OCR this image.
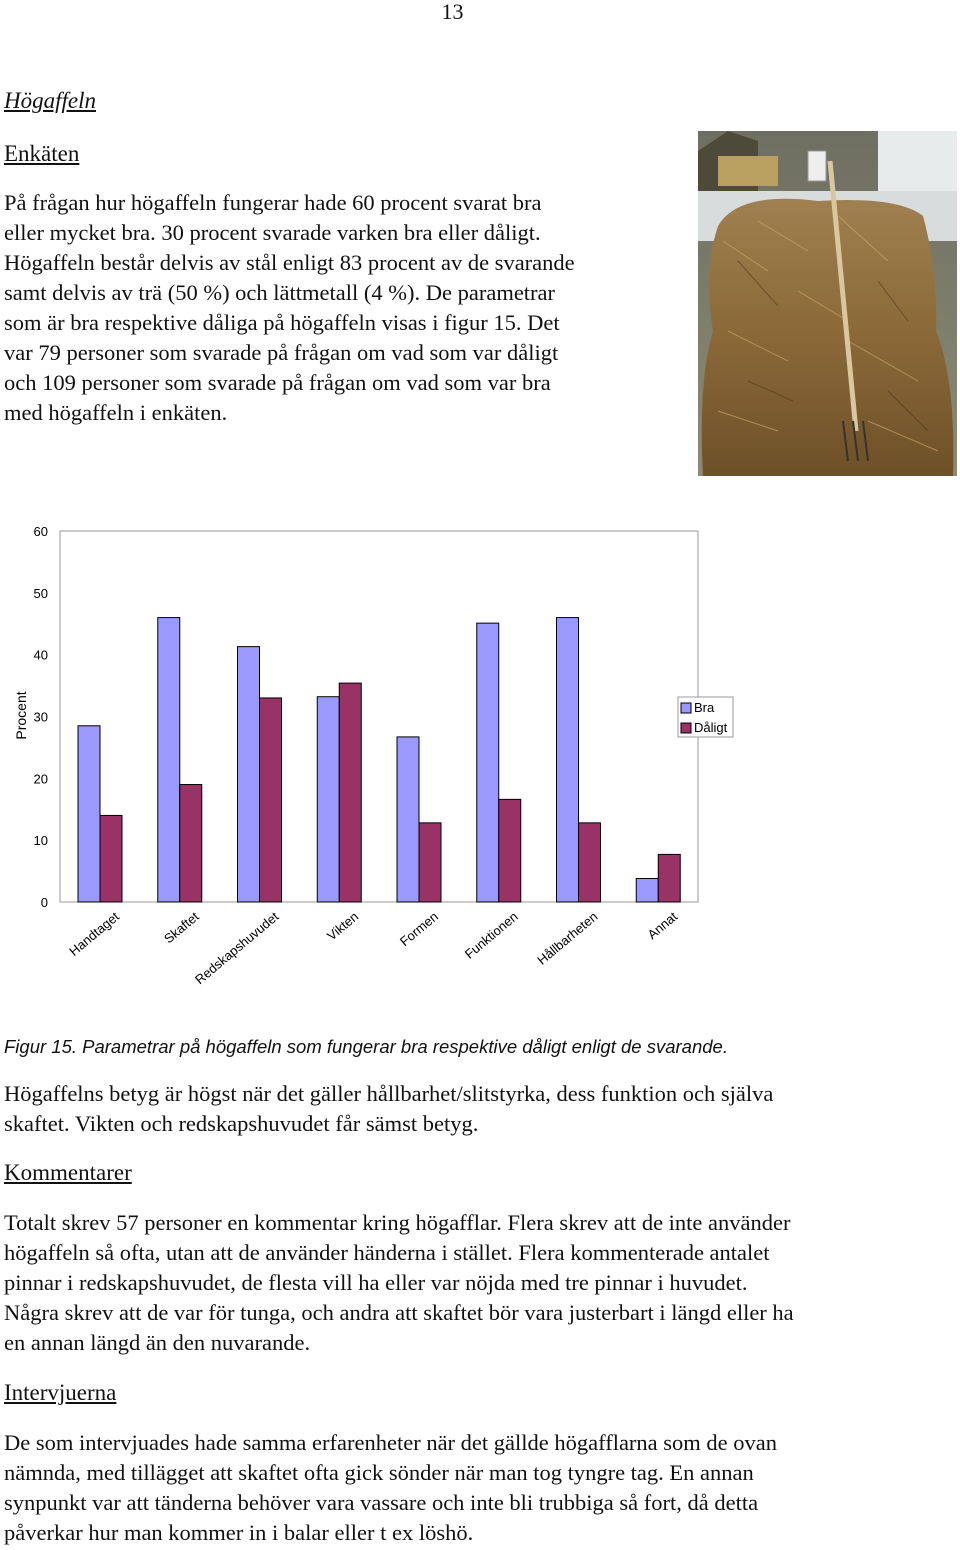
13
Högaffeln
Enkäten

På frågan hur högaffeln fungerar hade 60 procent svarat bra

eller mycket bra. 30 procent svarade varken bra eller dåligt.

Högaffeln består delvis av stål enligt 83 procent av de svarande

samt delvis av trä (50 %) och lättmetall (4 %). De parametrar

som är bra respektive dåliga på högaffeln visas i figur 15. Det

var 79 personer som svarade på frågan om vad som var dåligt

och 109 personer som svarade på frågan om vad som var bra

med högaffeln i enkäten.

0
10
20
30
40
50
60
Procent
Handtaget	Skaftet
Redskapshuvudet	Vikten	Formen Funktionen Hållbarheten	Annat
Bra
Dåligt
Figur 15. Parametrar på högaffeln som fungerar bra respektive dåligt enligt de svarande.

Högaffelns betyg är högst när det gäller hållbarhet/slitstyrka, dess funktion och själva

skaftet. Vikten och redskapshuvudet får sämst betyg.

Kommentarer

Totalt skrev 57 personer en kommentar kring högafflar. Flera skrev att de inte använder

högaffeln så ofta, utan att de använder händerna i stället. Flera kommenterade antalet

pinnar i redskapshuvudet, de flesta vill ha eller var nöjda med tre pinnar i huvudet.

Några skrev att de var för tunga, och andra att skaftet bör vara justerbart i längd eller ha

en annan längd än den nuvarande.

Intervjuerna

De som intervjuades hade samma erfarenheter när det gällde högafflarna som de ovan

nämnda, med tillägget att skaftet ofta gick sönder när man tog tyngre tag. En annan

synpunkt var att tänderna behöver vara vassare och inte bli trubbiga så fort, då detta

påverkar hur man kommer in i balar eller t ex löshö.
